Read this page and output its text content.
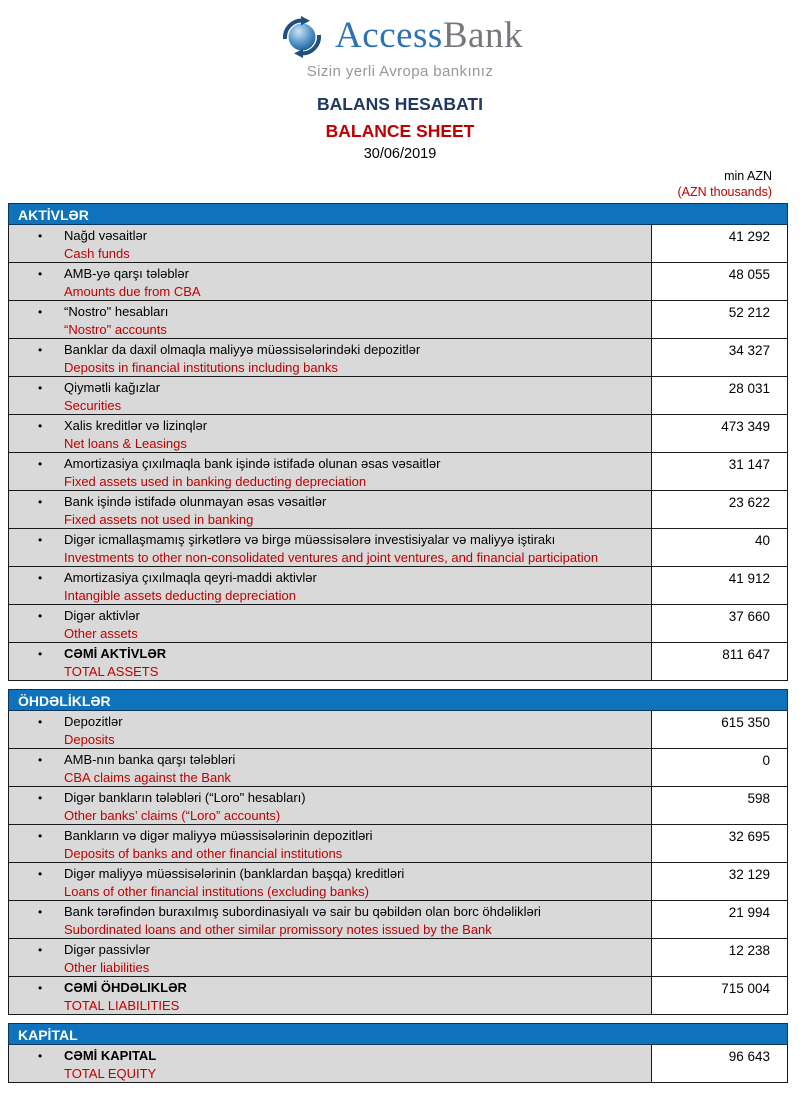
AccessBank
Sizin yerli Avropa bankınız
BALANS HESABATI
BALANCE SHEET
30/06/2019
min AZN
(AZN thousands)
AKTİVLƏR
•	Nağd vəsaitlər
Cash funds
41 292
•	AMB-yə qarşı tələblər
Amounts due from CBA
48 055
•	“Nostro" hesabları
“Nostro" accounts
52 212
•	Banklar da daxil olmaqla maliyyə müəssisələrindəki depozitlər
Deposits in financial institutions including banks
34 327
•	Qiymətli kağızlar
Securities
28 031
•	Xalis kreditlər və lizinqlər
Net loans & Leasings
473 349
•	Amortizasiya çıxılmaqla bank işində istifadə olunan əsas vəsaitlər
Fixed assets used in banking deducting depreciation
31 147
•	Bank işində istifadə olunmayan əsas vəsaitlər
Fixed assets not used in banking
23 622
•	Digər icmallaşmamış şirkətlərə və birgə müəssisələrə investisiyalar və maliyyə iştirakı
Investments to other non-consolidated ventures and joint ventures, and financial participation
40
•	Amortizasiya çıxılmaqla qeyri-maddi aktivlər
Intangible assets deducting depreciation
41 912
•	Digər aktivlər
Other assets
37 660
•	CƏMİ AKTİVLƏR
TOTAL ASSETS
811 647
ÖHDƏLİKLƏR
•	Depozitlər
Deposits
615 350
•	AMB-nın banka qarşı tələbləri
CBA claims against the Bank
0
•	Digər bankların tələbləri (“Loro" hesabları)
Other banks’ claims (“Loro” accounts)
598
•	Bankların və digər maliyyə müəssisələrinin depozitləri
Deposits of banks and other financial institutions
32 695
•	Digər maliyyə müəssisələrinin (banklardan başqa) kreditləri
Loans of other financial institutions (excluding banks)
32 129
•	Bank tərəfindən buraxılmış subordinasiyalı və sair bu qəbildən olan borc öhdəlikləri
Subordinated loans and other similar promissory notes issued by the Bank
21 994
•	Digər passivlər
Other liabilities
12 238
•	CƏMİ ÖHDƏLIKLƏR
TOTAL LIABILITIES
715 004
KAPİTAL
•	CƏMİ KAPITAL
TOTAL EQUITY
96 643
